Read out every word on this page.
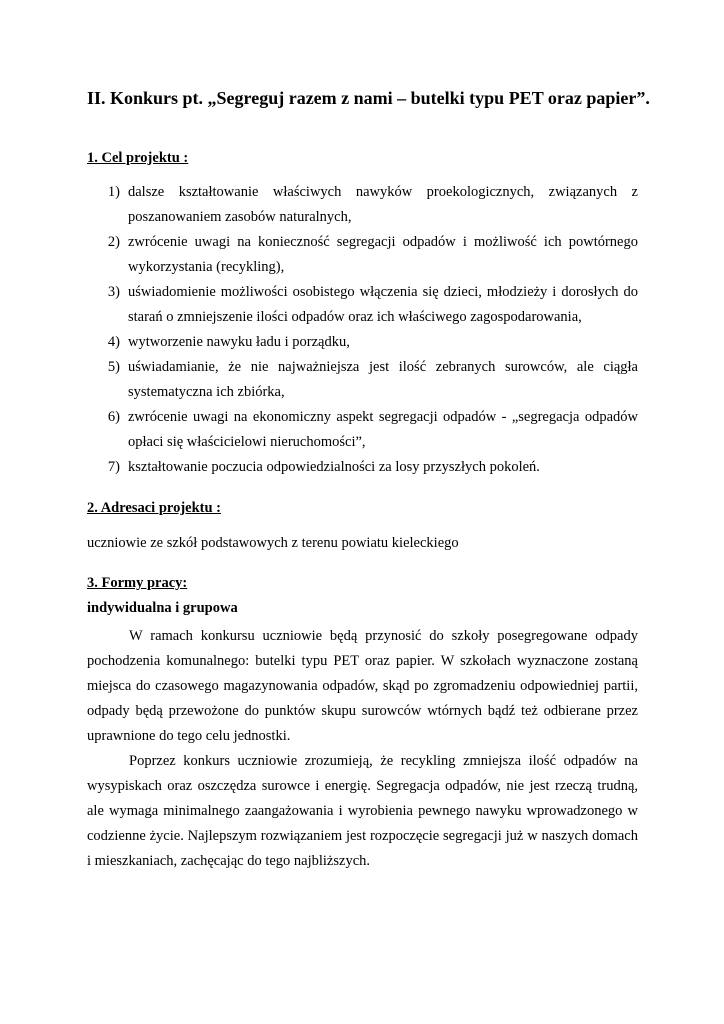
II. Konkurs pt. „Segreguj razem z nami – butelki typu PET oraz papier”.
1. Cel projektu :
1) dalsze kształtowanie właściwych nawyków proekologicznych, związanych z poszanowaniem zasobów naturalnych,
2) zwrócenie uwagi na konieczność segregacji odpadów i możliwość ich powtórnego wykorzystania (recykling),
3) uświadomienie możliwości osobistego włączenia się dzieci, młodzieży i dorosłych do starań o zmniejszenie ilości odpadów oraz ich właściwego zagospodarowania,
4) wytworzenie nawyku ładu i porządku,
5) uświadamianie, że nie najważniejsza jest ilość zebranych surowców, ale ciągła systematyczna ich zbiórka,
6) zwrócenie uwagi na ekonomiczny aspekt segregacji odpadów - „segregacja odpadów opłaci się właścicielowi nieruchomości”,
7) kształtowanie poczucia odpowiedzialności za losy przyszłych pokoleń.
2. Adresaci projektu :

uczniowie ze szkół podstawowych z terenu powiatu kieleckiego

3. Formy pracy:

indywidualna i grupowa

W ramach konkursu uczniowie będą przynosić do szkoły posegregowane odpady pochodzenia komunalnego: butelki typu PET oraz papier. W szkołach wyznaczone zostaną miejsca do czasowego magazynowania odpadów, skąd po zgromadzeniu odpowiedniej partii, odpady będą przewożone do punktów skupu surowców wtórnych bądź też odbierane przez uprawnione do tego celu jednostki.

Poprzez konkurs uczniowie zrozumieją, że recykling zmniejsza ilość odpadów na wysypiskach oraz oszczędza surowce i energię. Segregacja odpadów, nie jest rzeczą trudną, ale wymaga minimalnego zaangażowania i wyrobienia pewnego nawyku wprowadzonego w codzienne życie. Najlepszym rozwiązaniem jest rozpoczęcie segregacji już w naszych domach i mieszkaniach, zachęcając do tego najbliższych.
